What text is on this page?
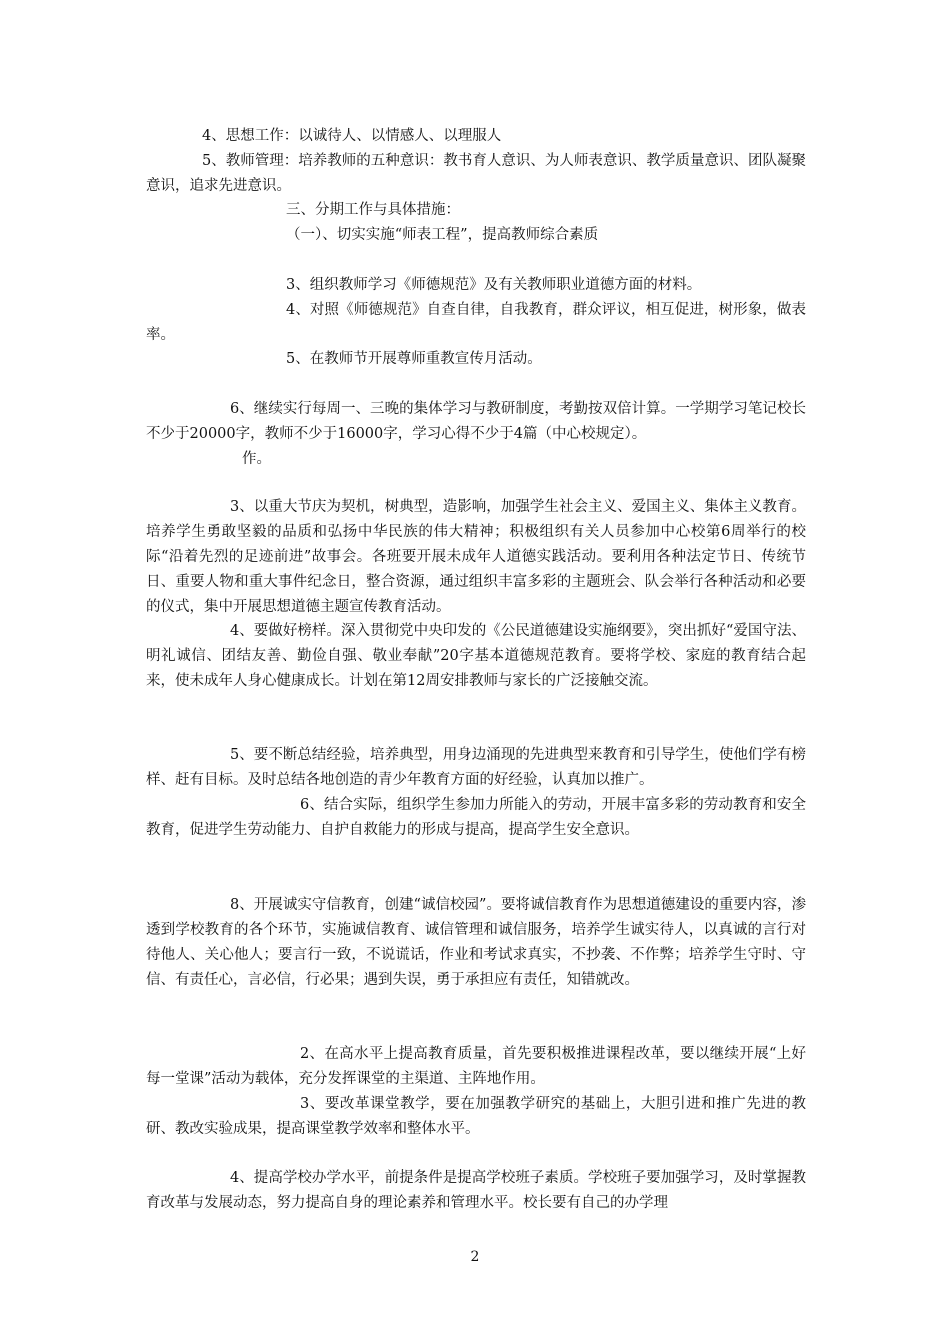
4、思想工作：以诚待人、以情感人、以理服人

5、教师管理：培养教师的五种意识：教书育人意识、为人师表意识、教学质量意识、团队凝聚意识，追求先进意识。

三、分期工作与具体措施：

（一）、切实实施“师表工程”，提高教师综合素质

3、组织教师学习《师德规范》及有关教师职业道德方面的材料。

4、对照《师德规范》自查自律，自我教育，群众评议，相互促进，树形象，做表率。

5、在教师节开展尊师重教宣传月活动。

6、继续实行每周一、三晚的集体学习与教研制度，考勤按双倍计算。一学期学习笔记校长不少于20000字，教师不少于16000字，学习心得不少于4篇（中心校规定）。

作。

3、以重大节庆为契机，树典型，造影响，加强学生社会主义、爱国主义、集体主义教育。培养学生勇敢坚毅的品质和弘扬中华民族的伟大精神；积极组织有关人员参加中心校第6周举行的校际“沿着先烈的足迹前进”故事会。各班要开展未成年人道德实践活动。要利用各种法定节日、传统节日、重要人物和重大事件纪念日，整合资源，通过组织丰富多彩的主题班会、队会举行各种活动和必要的仪式，集中开展思想道德主题宣传教育活动。

4、要做好榜样。深入贯彻党中央印发的《公民道德建设实施纲要》，突出抓好“爱国守法、明礼诚信、团结友善、勤俭自强、敬业奉献”20字基本道德规范教育。要将学校、家庭的教育结合起来，使未成年人身心健康成长。计划在第12周安排教师与家长的广泛接触交流。

5、要不断总结经验，培养典型，用身边涌现的先进典型来教育和引导学生，使他们学有榜样、赶有目标。及时总结各地创造的青少年教育方面的好经验，认真加以推广。

6、结合实际，组织学生参加力所能入的劳动，开展丰富多彩的劳动教育和安全教育，促进学生劳动能力、自护自救能力的形成与提高，提高学生安全意识。

8、开展诚实守信教育，创建“诚信校园”。要将诚信教育作为思想道德建设的重要内容，渗透到学校教育的各个环节，实施诚信教育、诚信管理和诚信服务，培养学生诚实待人，以真诚的言行对待他人、关心他人；要言行一致，不说谎话，作业和考试求真实，不抄袭、不作弊；培养学生守时、守信、有责任心，言必信，行必果；遇到失误，勇于承担应有责任，知错就改。

2、在高水平上提高教育质量，首先要积极推进课程改革，要以继续开展“上好每一堂课”活动为载体，充分发挥课堂的主渠道、主阵地作用。

3、要改革课堂教学，要在加强教学研究的基础上，大胆引进和推广先进的教研、教改实验成果，提高课堂教学效率和整体水平。

4、提高学校办学水平，前提条件是提高学校班子素质。学校班子要加强学习，及时掌握教育改革与发展动态，努力提高自身的理论素养和管理水平。校长要有自己的办学理

2
